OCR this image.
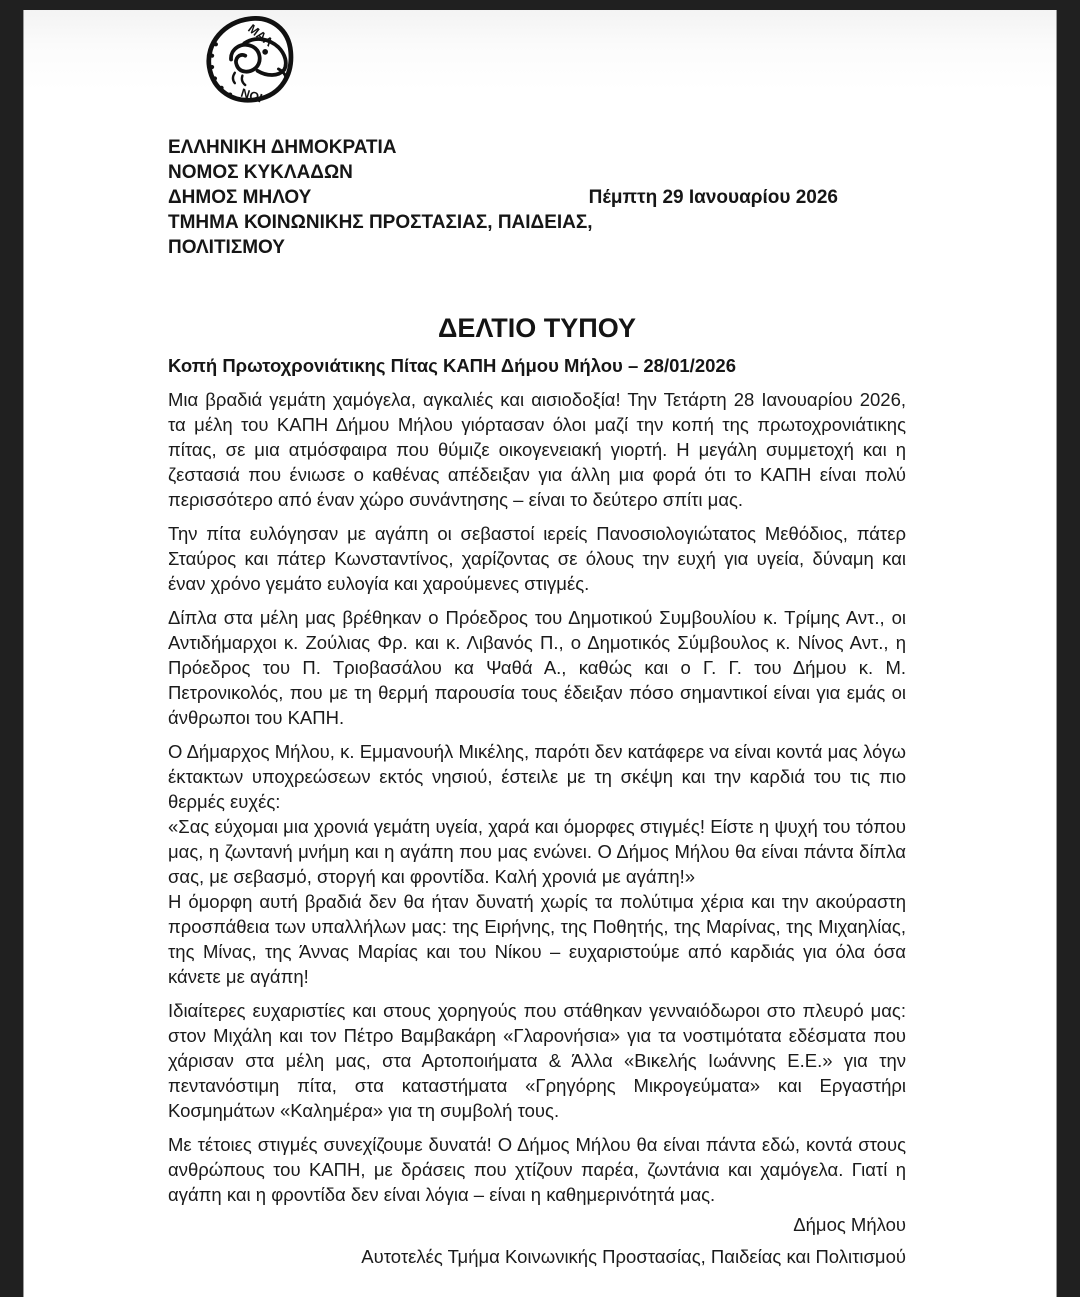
ΜΑΛ
ΙΟΝ
ΕΛΛΗΝΙΚΗ ΔΗΜΟΚΡΑΤΙΑ
ΝΟΜΟΣ ΚΥΚΛΑΔΩΝ
ΔΗΜΟΣ ΜΗΛΟΥ
ΤΜΗΜΑ ΚΟΙΝΩΝΙΚΗΣ ΠΡΟΣΤΑΣΙΑΣ, ΠΑΙΔΕΙΑΣ,
ΠΟΛΙΤΙΣΜΟΥ
Πέμπτη 29 Ιανουαρίου 2026
ΔΕΛΤΙΟ ΤΥΠΟΥ
Κοπή Πρωτοχρονιάτικης Πίτας ΚΑΠΗ Δήμου Μήλου – 28/01/2026

Μια βραδιά γεμάτη χαμόγελα, αγκαλιές και αισιοδοξία! Την Τετάρτη 28 Ιανουαρίου 2026, τα μέλη του ΚΑΠΗ Δήμου Μήλου γιόρτασαν όλοι μαζί την κοπή της πρωτοχρονιάτικης πίτας, σε μια ατμόσφαιρα που θύμιζε οικογενειακή γιορτή. Η μεγάλη συμμετοχή και η ζεστασιά που ένιωσε ο καθένας απέδειξαν για άλλη μια φορά ότι το ΚΑΠΗ είναι πολύ περισσότερο από έναν χώρο συνάντησης – είναι το δεύτερο σπίτι μας.

Την πίτα ευλόγησαν με αγάπη οι σεβαστοί ιερείς Πανοσιολογιώτατος Μεθόδιος, πάτερ Σταύρος και πάτερ Κωνσταντίνος, χαρίζοντας σε όλους την ευχή για υγεία, δύναμη και έναν χρόνο γεμάτο ευλογία και χαρούμενες στιγμές.

Δίπλα στα μέλη μας βρέθηκαν ο Πρόεδρος του Δημοτικού Συμβουλίου κ. Τρίμης Αντ., οι Αντιδήμαρχοι κ. Ζούλιας Φρ. και κ. Λιβανός Π., ο Δημοτικός Σύμβουλος κ. Νίνος Αντ., η Πρόεδρος του Π. Τριοβασάλου κα Ψαθά Α., καθώς και ο Γ. Γ. του Δήμου κ. Μ. Πετρονικολός, που με τη θερμή παρουσία τους έδειξαν πόσο σημαντικοί είναι για εμάς οι άνθρωποι του ΚΑΠΗ.

Ο Δήμαρχος Μήλου, κ. Εμμανουήλ Μικέλης, παρότι δεν κατάφερε να είναι κοντά μας λόγω έκτακτων υποχρεώσεων εκτός νησιού, έστειλε με τη σκέψη και την καρδιά του τις πιο θερμές ευχές:

«Σας εύχομαι μια χρονιά γεμάτη υγεία, χαρά και όμορφες στιγμές! Είστε η ψυχή του τόπου μας, η ζωντανή μνήμη και η αγάπη που μας ενώνει. Ο Δήμος Μήλου θα είναι πάντα δίπλα σας, με σεβασμό, στοργή και φροντίδα. Καλή χρονιά με αγάπη!»

Η όμορφη αυτή βραδιά δεν θα ήταν δυνατή χωρίς τα πολύτιμα χέρια και την ακούραστη προσπάθεια των υπαλλήλων μας: της Ειρήνης, της Ποθητής, της Μαρίνας, της Μιχαηλίας, της Μίνας, της Άννας Μαρίας και του Νίκου – ευχαριστούμε από καρδιάς για όλα όσα κάνετε με αγάπη!

Ιδιαίτερες ευχαριστίες και στους χορηγούς που στάθηκαν γενναιόδωροι στο πλευρό μας: στον Μιχάλη και τον Πέτρο Βαμβακάρη «Γλαρονήσια» για τα νοστιμότατα εδέσματα που χάρισαν στα μέλη μας, στα Αρτοποιήματα & Άλλα «Βικελής Ιωάννης Ε.Ε.» για την πεντανόστιμη πίτα, στα καταστήματα «Γρηγόρης Μικρογεύματα» και Εργαστήρι Κοσμημάτων «Καλημέρα» για τη συμβολή τους.

Με τέτοιες στιγμές συνεχίζουμε δυνατά! Ο Δήμος Μήλου θα είναι πάντα εδώ, κοντά στους ανθρώπους του ΚΑΠΗ, με δράσεις που χτίζουν παρέα, ζωντάνια και χαμόγελα. Γιατί η αγάπη και η φροντίδα δεν είναι λόγια – είναι η καθημερινότητά μας.

Δήμος Μήλου
Αυτοτελές Τμήμα Κοινωνικής Προστασίας, Παιδείας και Πολιτισμού
